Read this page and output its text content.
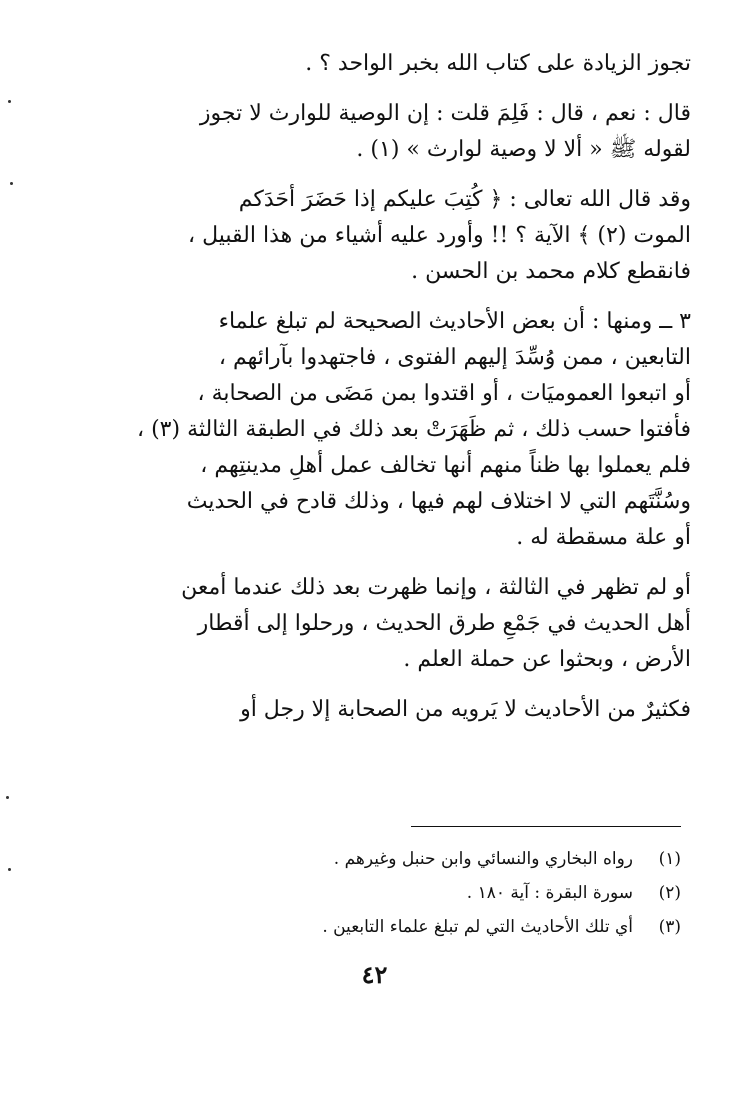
تجوز الزيادة على كتاب الله بخبر الواحد ؟ .
قال : نعم ، قال : فَلِمَ قلت : إن الوصية للوارث لا تجوز
لقوله ﷺ « ألا لا وصية لوارث » (١) .
وقد قال الله تعالى : ﴿ كُتِبَ عليكم إذا حَضَرَ أحَدَكم
الموت (٢) ﴾ الآية ؟ !! وأورد عليه أشياء من هذا القبيل ،
فانقطع كلام محمد بن الحسن .
٣ ــ ومنها : أن بعض الأحاديث الصحيحة لم تبلغ علماء
التابعين ، ممن وُسِّدَ إليهم الفتوى ، فاجتهدوا بآرائهم ،
أو اتبعوا العموميَات ، أو اقتدوا بمن مَضَى من الصحابة ،
فأفتوا حسب ذلك ، ثم ظَهَرَتْ بعد ذلك في الطبقة الثالثة (٣) ،
فلم يعملوا بها ظناً منهم أنها تخالف عمل أهلِ مدينتِهم ،
وسُنَّتَهم التي لا اختلاف لهم فيها ، وذلك قادح في الحديث
أو علة مسقطة له .
أو لم تظهر في الثالثة ، وإنما ظهرت بعد ذلك عندما أمعن
أهل الحديث في جَمْعِ طرق الحديث ، ورحلوا إلى أقطار
الأرض ، وبحثوا عن حملة العلم .
فكثيرٌ من الأحاديث لا يَرويه من الصحابة إلا رجل أو
(١)
رواه البخاري والنسائي وابن حنبل وغيرهم .
(٢)
سورة البقرة : آية ١٨٠ .
(٣)
أي تلك الأحاديث التي لم تبلغ علماء التابعين .
٤٢
